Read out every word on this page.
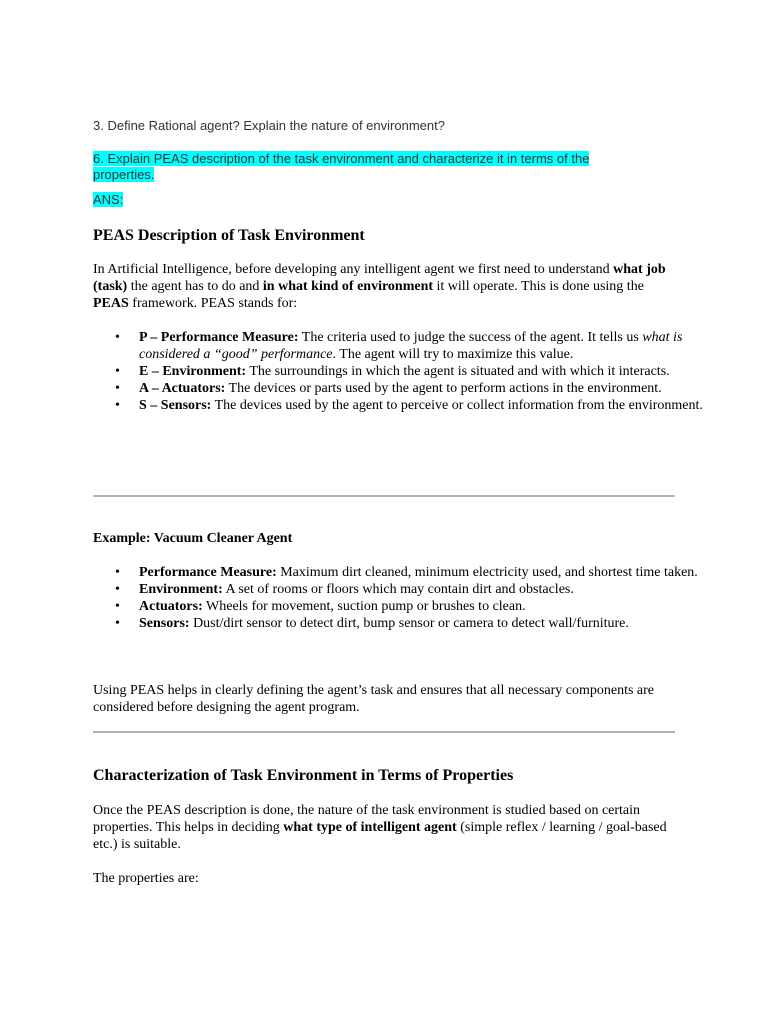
3. Define Rational agent? Explain the nature of environment?
6. Explain PEAS description of the task environment and characterize it in terms of the properties.
ANS:
PEAS Description of Task Environment
In Artificial Intelligence, before developing any intelligent agent we first need to understand what job (task) the agent has to do and in what kind of environment it will operate. This is done using the PEAS framework. PEAS stands for:
• P – Performance Measure: The criteria used to judge the success of the agent. It tells us what is considered a “good” performance. The agent will try to maximize this value.
• E – Environment: The surroundings in which the agent is situated and with which it interacts.
• A – Actuators: The devices or parts used by the agent to perform actions in the environment.
• S – Sensors: The devices used by the agent to perceive or collect information from the environment.
Example: Vacuum Cleaner Agent
• Performance Measure: Maximum dirt cleaned, minimum electricity used, and shortest time taken.
• Environment: A set of rooms or floors which may contain dirt and obstacles.
• Actuators: Wheels for movement, suction pump or brushes to clean.
• Sensors: Dust/dirt sensor to detect dirt, bump sensor or camera to detect wall/furniture.
Using PEAS helps in clearly defining the agent’s task and ensures that all necessary components are considered before designing the agent program.
Characterization of Task Environment in Terms of Properties
Once the PEAS description is done, the nature of the task environment is studied based on certain properties. This helps in deciding what type of intelligent agent (simple reflex / learning / goal-based etc.) is suitable.
The properties are:
